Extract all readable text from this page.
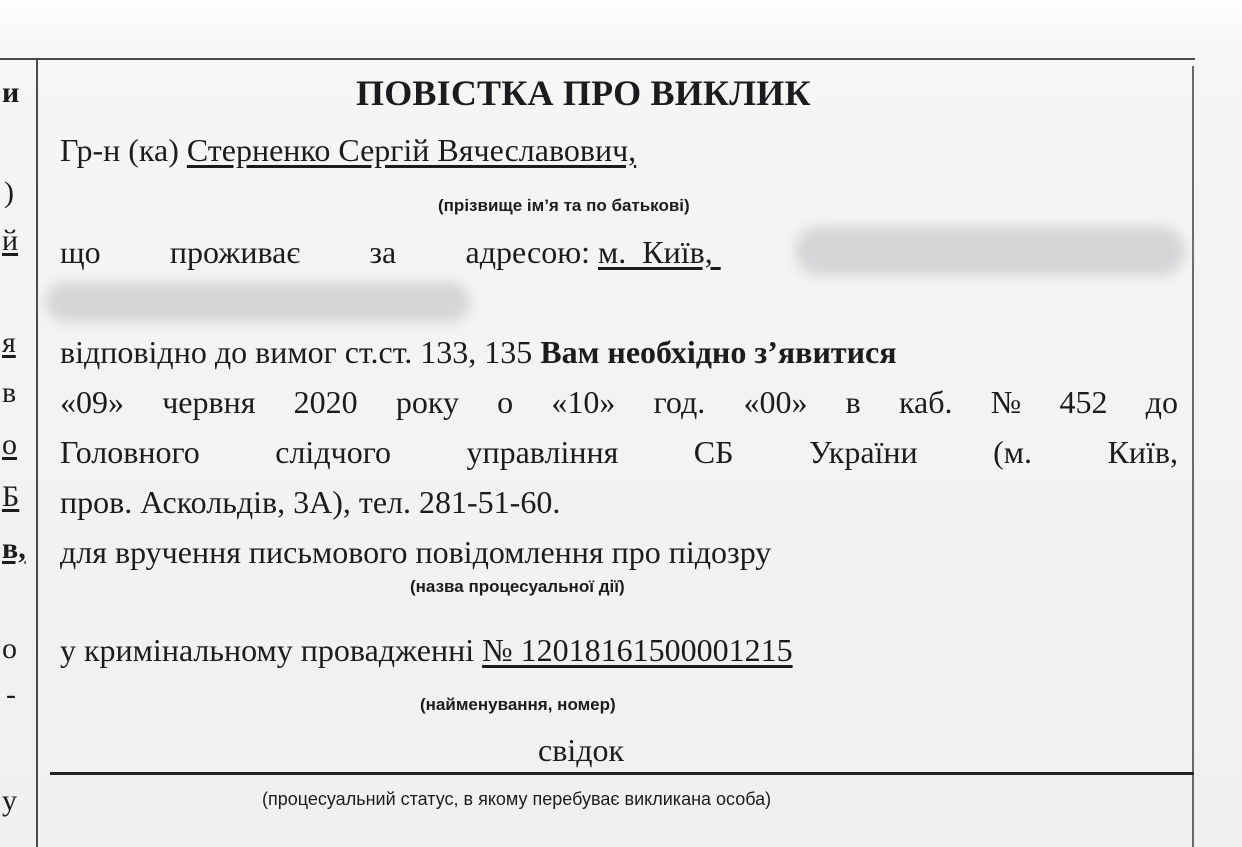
и
)
й
я
в
о
Б
в,
о
-
у
ПОВІСТКА ПРО ВИКЛИК
Гр-н (ка) Стерненко Сергій Вячеславович,
(прізвище ім’я та по батькові)
що проживає за адресою: м.  Київ,
відповідно до вимог ст.ст. 133, 135 Вам необхідно з’явитися
«09» червня 2020 року о «10» год. «00» в каб. № 452 до
Головного слідчого управління СБ України (м. Київ,
пров. Аскольдів, 3А), тел. 281-51-60.
для вручення письмового повідомлення про підозру
(назва процесуальної дії)
у кримінальному провадженні № 12018161500001215
(найменування, номер)
свідок
(процесуальний статус, в якому перебуває викликана особа)
